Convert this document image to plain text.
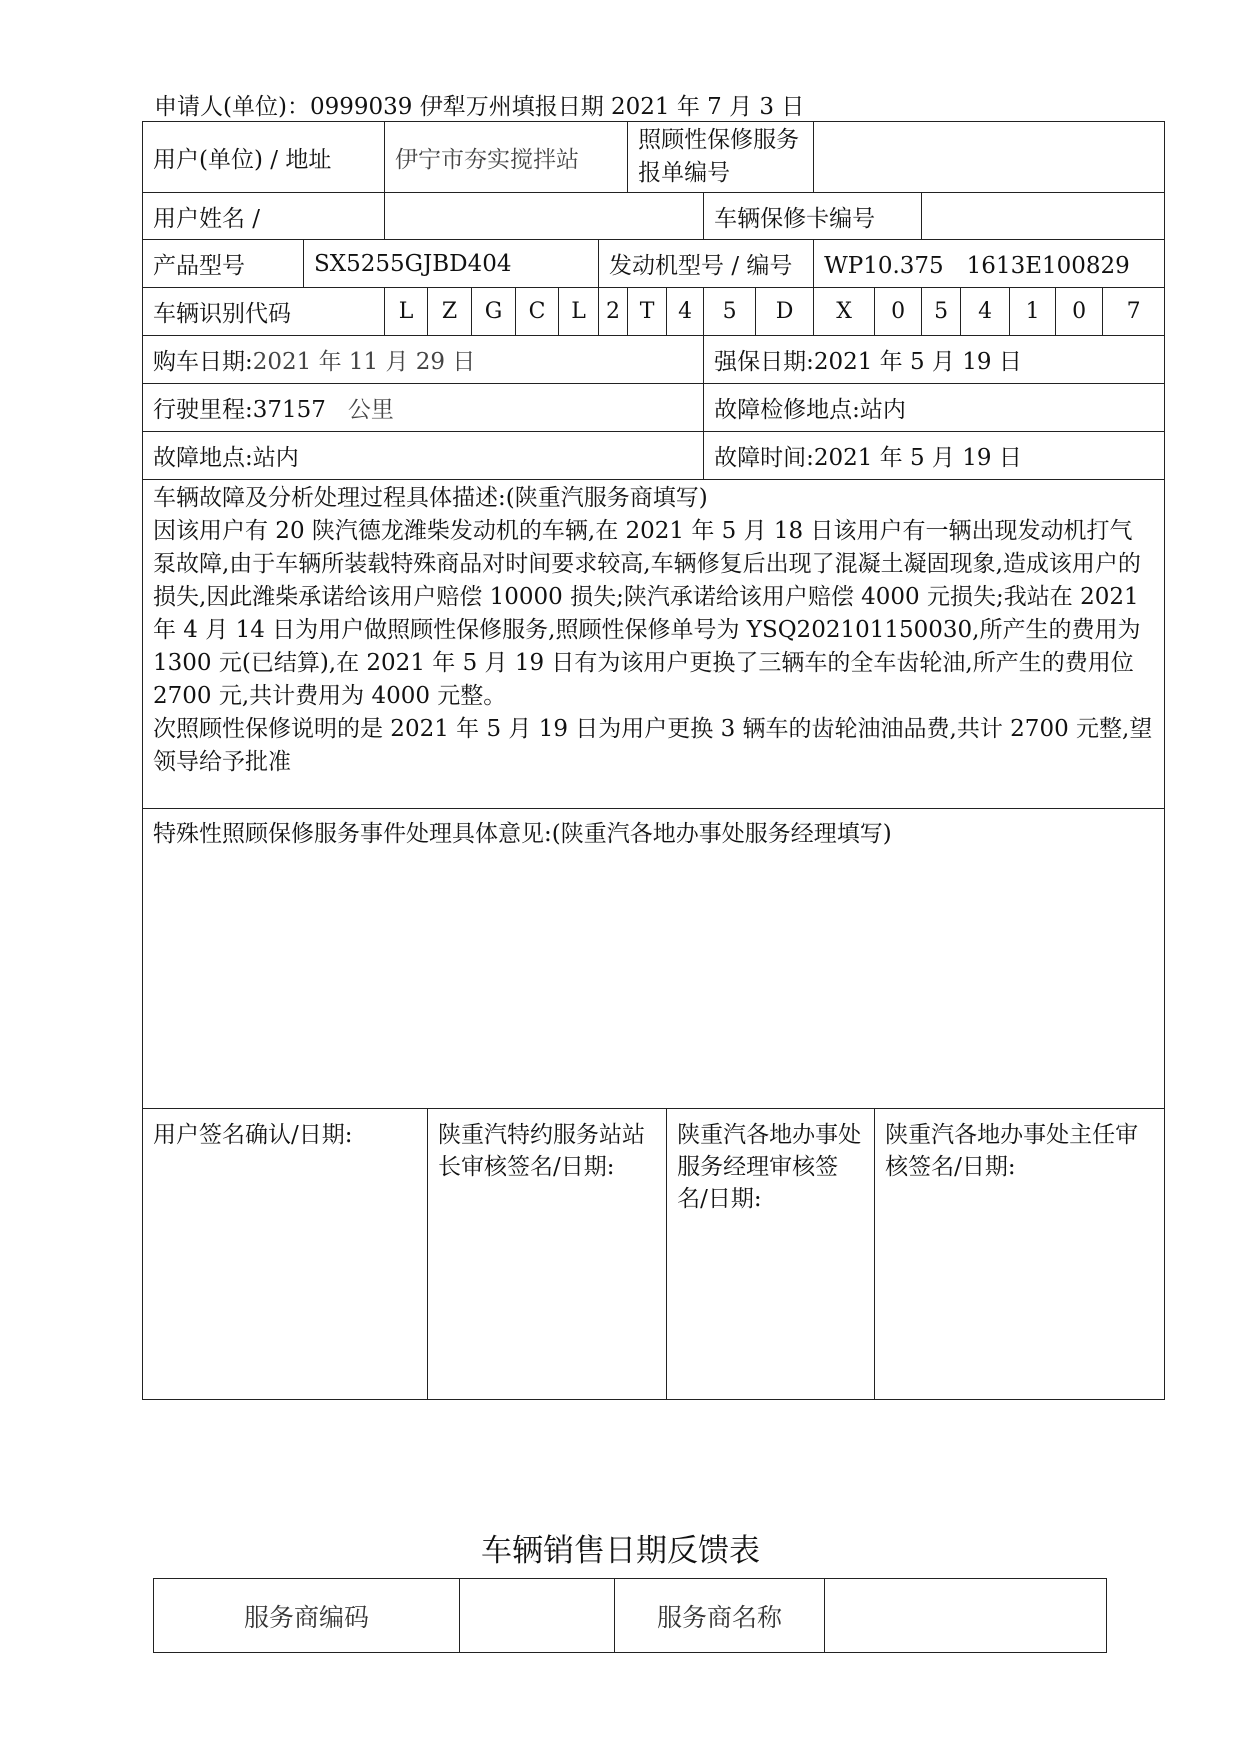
申请人(单位)：0999039 伊犁万州填报日期 2021 年 7 月 3 日
用户(单位) / 地址		伊宁市夯实搅拌站						照顾性保修服务报单编号										
用户姓名 /										车辆保修卡编号								
产品型号	SX5255GJBD404						发动机型号 / 编号					WP10.375　1613E100829						
车辆识别代码		L	Z	G	C	L	2	T	4	5	D	X	0	5	4	1	0	7
购车日期:2021 年 11 月 29 日										强保日期:2021 年 5 月 19 日								
行驶里程:37157 公里										故障检修地点:站内								
故障地点:站内										故障时间:2021 年 5 月 19 日								

车辆故障及分析处理过程具体描述:(陕重汽服务商填写)

因该用户有 20 陕汽德龙潍柴发动机的车辆,在 2021 年 5 月 18 日该用户有一辆出现发动机打气泵故障,由于车辆所装载特殊商品对时间要求较高,车辆修复后出现了混凝土凝固现象,造成该用户的损失,因此潍柴承诺给该用户赔偿 10000 损失;陕汽承诺给该用户赔偿 4000 元损失;我站在 2021 年 4 月 14 日为用户做照顾性保修服务,照顾性保修单号为 YSQ202101150030,所产生的费用为 1300 元(已结算),在 2021 年 5 月 19 日有为该用户更换了三辆车的全车齿轮油,所产生的费用位 2700 元,共计费用为 4000 元整。

次照顾性保修说明的是 2021 年 5 月 19 日为用户更换 3 辆车的齿轮油油品费,共计 2700 元整,望领导给予批准																		

特殊性照顾保修服务事件处理具体意见:(陕重汽各地办事处服务经理填写)																		
用户签名确认/日期:			陕重汽特约服务站站长审核签名/日期:						陕重汽各地办事处服务经理审核签名/日期:				陕重汽各地办事处主任审核签名/日期:					
车辆销售日期反馈表
服务商编码		服务商名称	
